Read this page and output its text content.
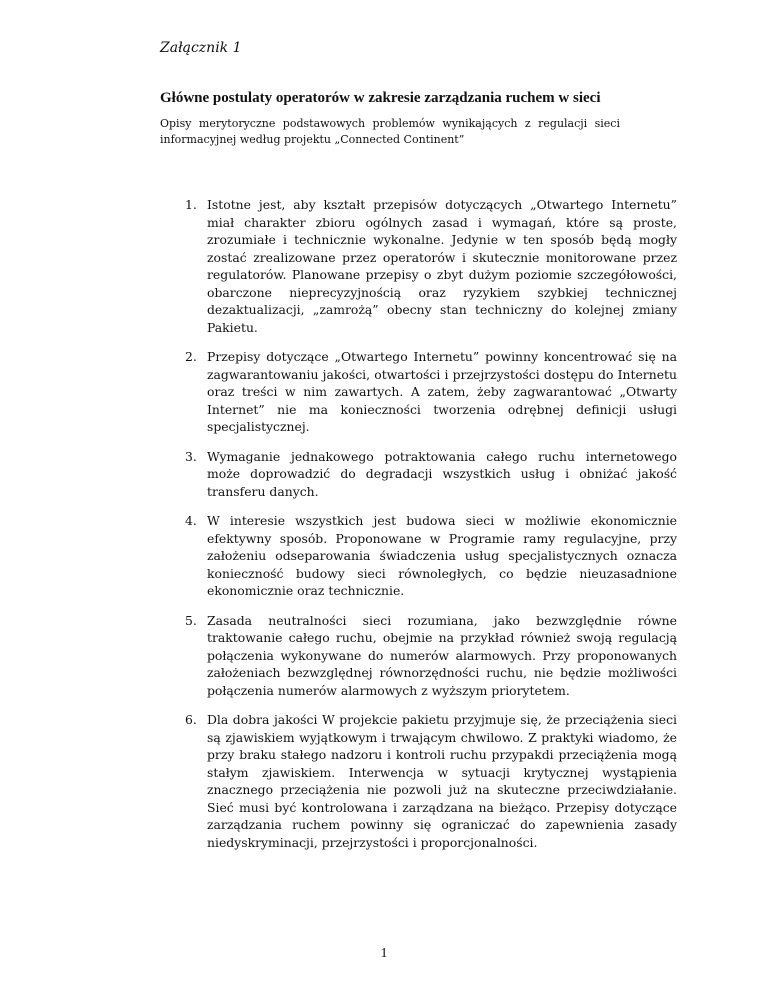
Załącznik 1

Główne postulaty operatorów w zakresie zarządzania ruchem w sieci

Opisy merytoryczne podstawowych problemów wynikających z regulacji sieci informacyjnej według projektu „Connected Continent”

1. Istotne jest, aby kształt przepisów dotyczących „Otwartego Internetu” miał charakter zbioru ogólnych zasad i wymagań, które są proste, zrozumiałe i technicznie wykonalne. Jedynie w ten sposób będą mogły zostać zrealizowane przez operatorów i skutecznie monitorowane przez regulatorów. Planowane przepisy o zbyt dużym poziomie szczegółowości, obarczone nieprecyzyjnością oraz ryzykiem szybkiej technicznej dezaktualizacji, „zamrożą” obecny stan techniczny do kolejnej zmiany Pakietu.
2. Przepisy dotyczące „Otwartego Internetu” powinny koncentrować się na zagwarantowaniu jakości, otwartości i przejrzystości dostępu do Internetu oraz treści w nim zawartych. A zatem, żeby zagwarantować „Otwarty Internet” nie ma konieczności tworzenia odrębnej definicji usługi specjalistycznej.
3. Wymaganie jednakowego potraktowania całego ruchu internetowego może doprowadzić do degradacji wszystkich usług i obniżać jakość transferu danych.
4. W interesie wszystkich jest budowa sieci w możliwie ekonomicznie efektywny sposób. Proponowane w Programie ramy regulacyjne, przy założeniu odseparowania świadczenia usług specjalistycznych oznacza konieczność budowy sieci równoległych, co będzie nieuzasadnione ekonomicznie oraz technicznie.
5. Zasada neutralności sieci rozumiana, jako bezwzględnie równe traktowanie całego ruchu, obejmie na przykład również swoją regulacją połączenia wykonywane do numerów alarmowych. Przy proponowanych założeniach bezwzględnej równorzędności ruchu, nie będzie możliwości połączenia numerów alarmowych z wyższym priorytetem.
6. Dla dobra jakości W projekcie pakietu przyjmuje się, że przeciążenia sieci są zjawiskiem wyjątkowym i trwającym chwilowo. Z praktyki wiadomo, że przy braku stałego nadzoru i kontroli ruchu przypakdi przeciążenia mogą stałym zjawiskiem. Interwencja w sytuacji krytycznej wystąpienia znacznego przeciążenia nie pozwoli już na skuteczne przeciwdziałanie. Sieć musi być kontrolowana i zarządzana na bieżąco. Przepisy dotyczące zarządzania ruchem powinny się ograniczać do zapewnienia zasady niedyskryminacji, przejrzystości i proporcjonalności.

1
